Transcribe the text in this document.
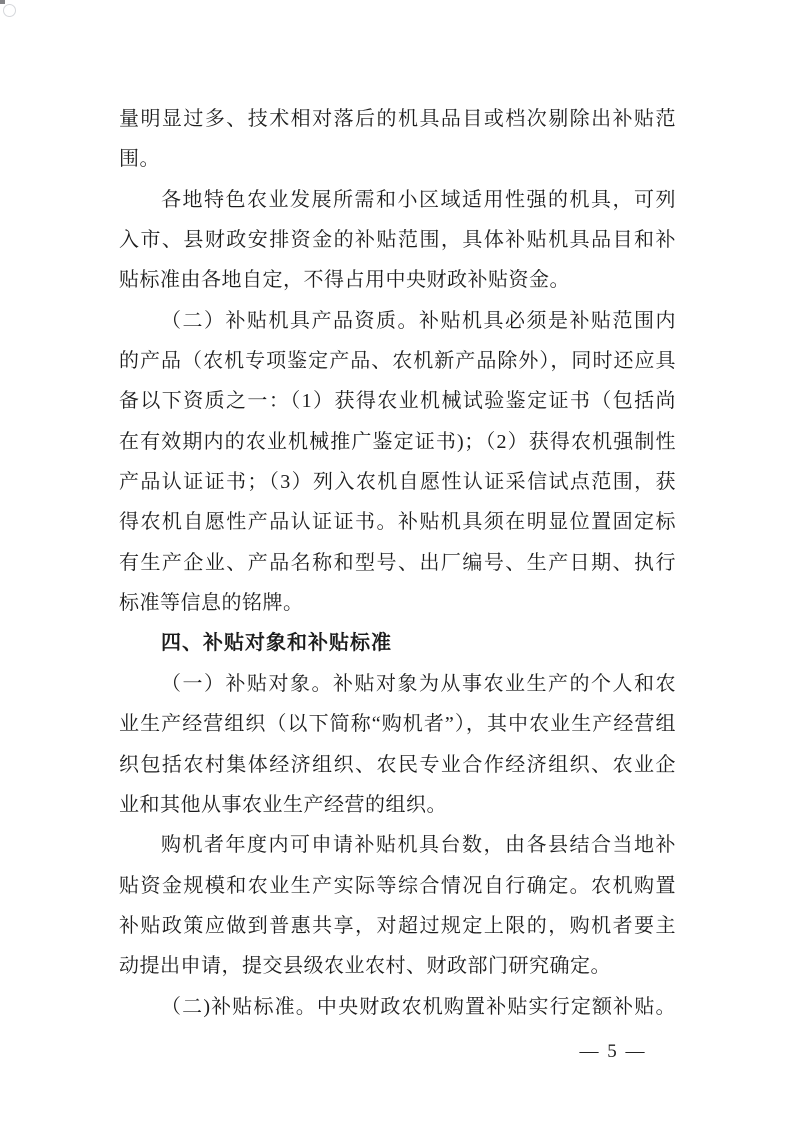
量明显过多、技术相对落后的机具品目或档次剔除出补贴范
围。
各地特色农业发展所需和小区域适用性强的机具，可列
入市、县财政安排资金的补贴范围，具体补贴机具品目和补
贴标准由各地自定，不得占用中央财政补贴资金。
（二）补贴机具产品资质。补贴机具必须是补贴范围内
的产品（农机专项鉴定产品、农机新产品除外），同时还应具
备以下资质之一：（1）获得农业机械试验鉴定证书（包括尚
在有效期内的农业机械推广鉴定证书)；（2）获得农机强制性
产品认证证书；（3）列入农机自愿性认证采信试点范围，获
得农机自愿性产品认证证书。补贴机具须在明显位置固定标
有生产企业、产品名称和型号、出厂编号、生产日期、执行
标准等信息的铭牌。
四、补贴对象和补贴标准
（一）补贴对象。补贴对象为从事农业生产的个人和农
业生产经营组织（以下简称“购机者”），其中农业生产经营组
织包括农村集体经济组织、农民专业合作经济组织、农业企
业和其他从事农业生产经营的组织。
购机者年度内可申请补贴机具台数，由各县结合当地补
贴资金规模和农业生产实际等综合情况自行确定。农机购置
补贴政策应做到普惠共享，对超过规定上限的，购机者要主
动提出申请，提交县级农业农村、财政部门研究确定。
（二)补贴标准。中央财政农机购置补贴实行定额补贴。
— 5 —
